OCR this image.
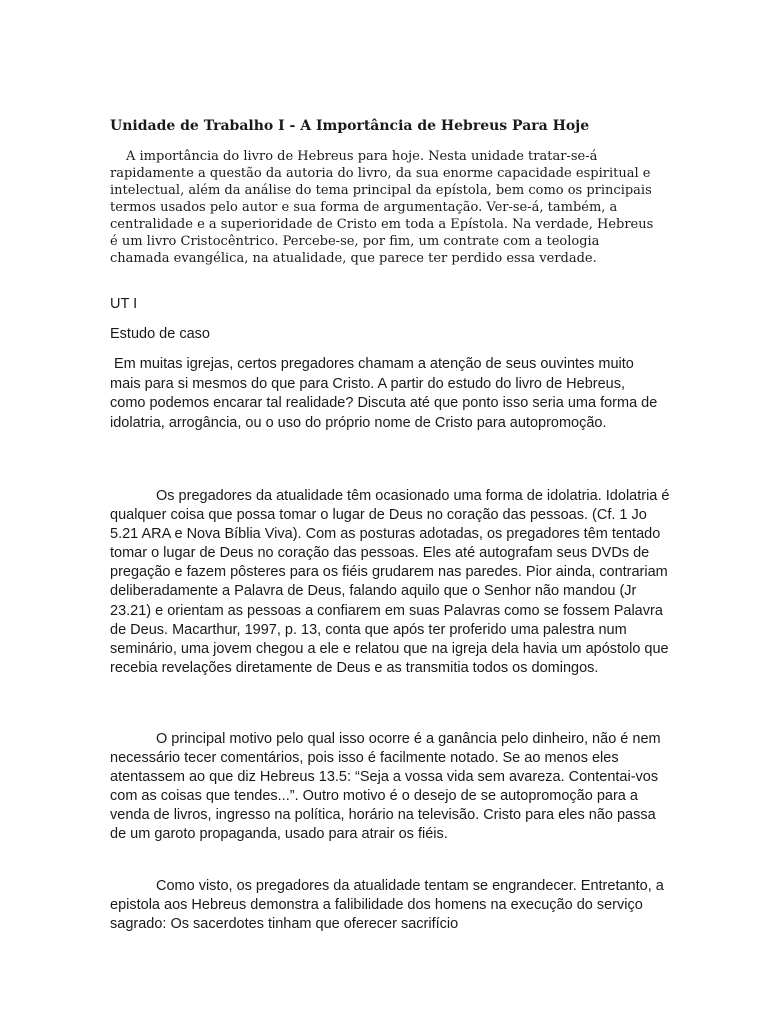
Unidade de Trabalho I - A Importância de Hebreus Para Hoje

A importância do livro de Hebreus para hoje. Nesta unidade tratar-se-á rapidamente a questão da autoria do livro, da sua enorme capacidade espiritual e intelectual, além da análise do tema principal da epístola, bem como os principais termos usados pelo autor e sua forma de argumentação. Ver-se-á, também, a centralidade e a superioridade de Cristo em toda a Epístola. Na verdade, Hebreus é um livro Cristocêntrico. Percebe-se, por fim, um contrate com a teologia chamada evangélica, na atualidade, que parece ter perdido essa verdade.

UT I
Estudo de caso

Em muitas igrejas, certos pregadores chamam a atenção de seus ouvintes muito mais para si mesmos do que para Cristo. A partir do estudo do livro de Hebreus, como podemos encarar tal realidade? Discuta até que ponto isso seria uma forma de idolatria, arrogância, ou o uso do próprio nome de Cristo para autopromoção.

Os pregadores da atualidade têm ocasionado uma forma de idolatria. Idolatria é qualquer coisa que possa tomar o lugar de Deus no coração das pessoas. (Cf. 1 Jo 5.21 ARA e Nova Bíblia Viva). Com as posturas adotadas, os pregadores têm tentado tomar o lugar de Deus no coração das pessoas. Eles até autografam seus DVDs de pregação e fazem pôsteres para os fiéis grudarem nas paredes. Pior ainda, contrariam deliberadamente a Palavra de Deus, falando aquilo que o Senhor não mandou (Jr 23.21) e orientam as pessoas a confiarem em suas Palavras como se fossem Palavra de Deus. Macarthur, 1997, p. 13, conta que após ter proferido uma palestra num seminário, uma jovem chegou a ele e relatou que na igreja dela havia um apóstolo que recebia revelações diretamente de Deus e as transmitia todos os domingos.

O principal motivo pelo qual isso ocorre é a ganância pelo dinheiro, não é nem necessário tecer comentários, pois isso é facilmente notado. Se ao menos eles atentassem ao que diz Hebreus 13.5: “Seja a vossa vida sem avareza. Contentai-vos com as coisas que tendes...”. Outro motivo é o desejo de se autopromoção para a venda de livros, ingresso na política, horário na televisão. Cristo para eles não passa de um garoto propaganda, usado para atrair os fiéis.

Como visto, os pregadores da atualidade tentam se engrandecer. Entretanto, a epistola aos Hebreus demonstra a falibilidade dos homens na execução do serviço sagrado: Os sacerdotes tinham que oferecer sacrifício
